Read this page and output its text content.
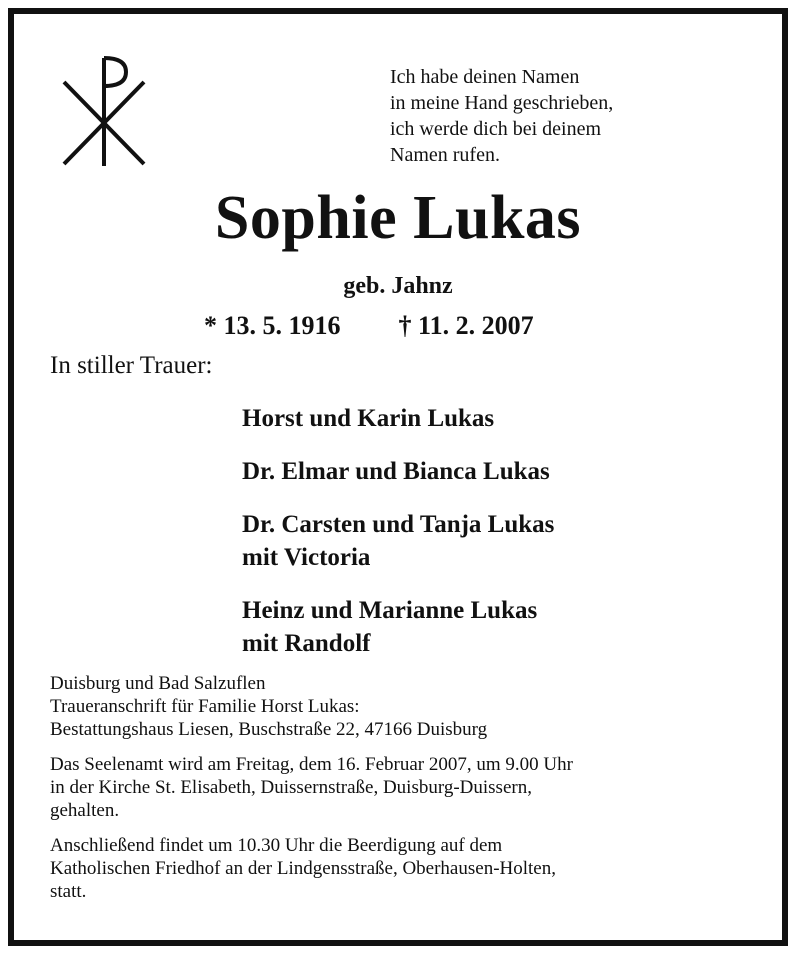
Ich habe deinen Namen
in meine Hand geschrieben,
ich werde dich bei deinem
Namen rufen.
Sophie Lukas
geb. Jahnz
* 13. 5. 1916 † 11. 2. 2007
In stiller Trauer:
Horst und Karin Lukas
Dr. Elmar und Bianca Lukas
Dr. Carsten und Tanja Lukas
mit Victoria
Heinz und Marianne Lukas
mit Randolf
Duisburg und Bad Salzuflen
Traueranschrift für Familie Horst Lukas:
Bestattungshaus Liesen, Buschstraße 22, 47166 Duisburg
Das Seelenamt wird am Freitag, dem 16. Februar 2007, um 9.00 Uhr
in der Kirche St. Elisabeth, Duissernstraße, Duisburg-Duissern,
gehalten.
Anschließend findet um 10.30 Uhr die Beerdigung auf dem
Katholischen Friedhof an der Lindgensstraße, Oberhausen-Holten,
statt.
